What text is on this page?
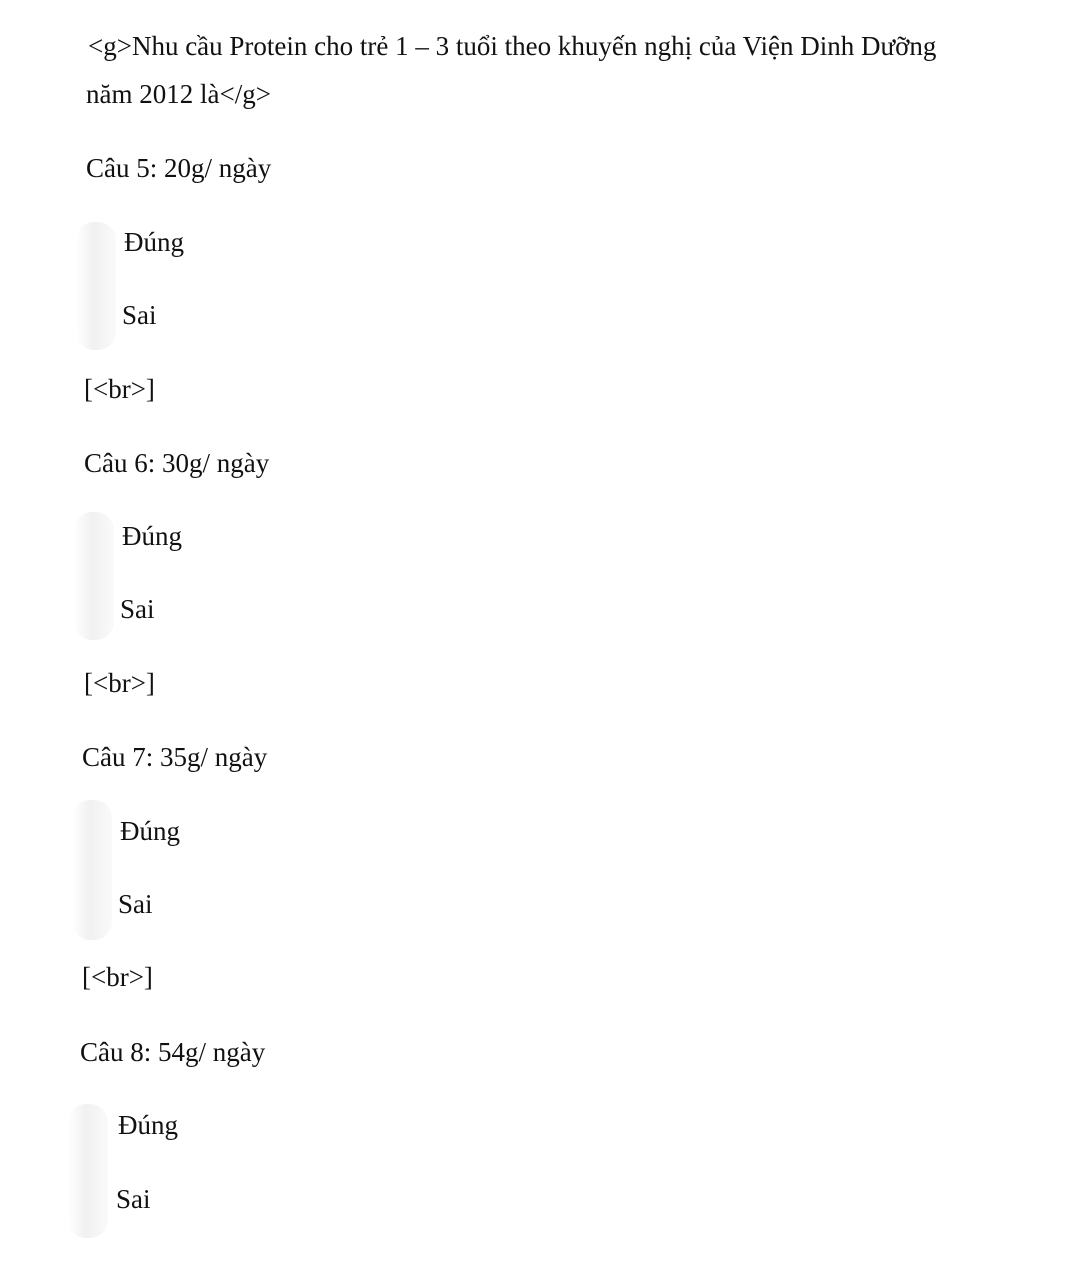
<g>Nhu cầu Protein cho trẻ 1 – 3 tuổi theo khuyến nghị của Viện Dinh Dưỡng
năm 2012 là</g>
Câu 5: 20g/ ngày
Đúng
Sai
[<br>]
Câu 6: 30g/ ngày
Đúng
Sai
[<br>]
Câu 7: 35g/ ngày
Đúng
Sai
[<br>]
Câu 8: 54g/ ngày
Đúng
Sai
